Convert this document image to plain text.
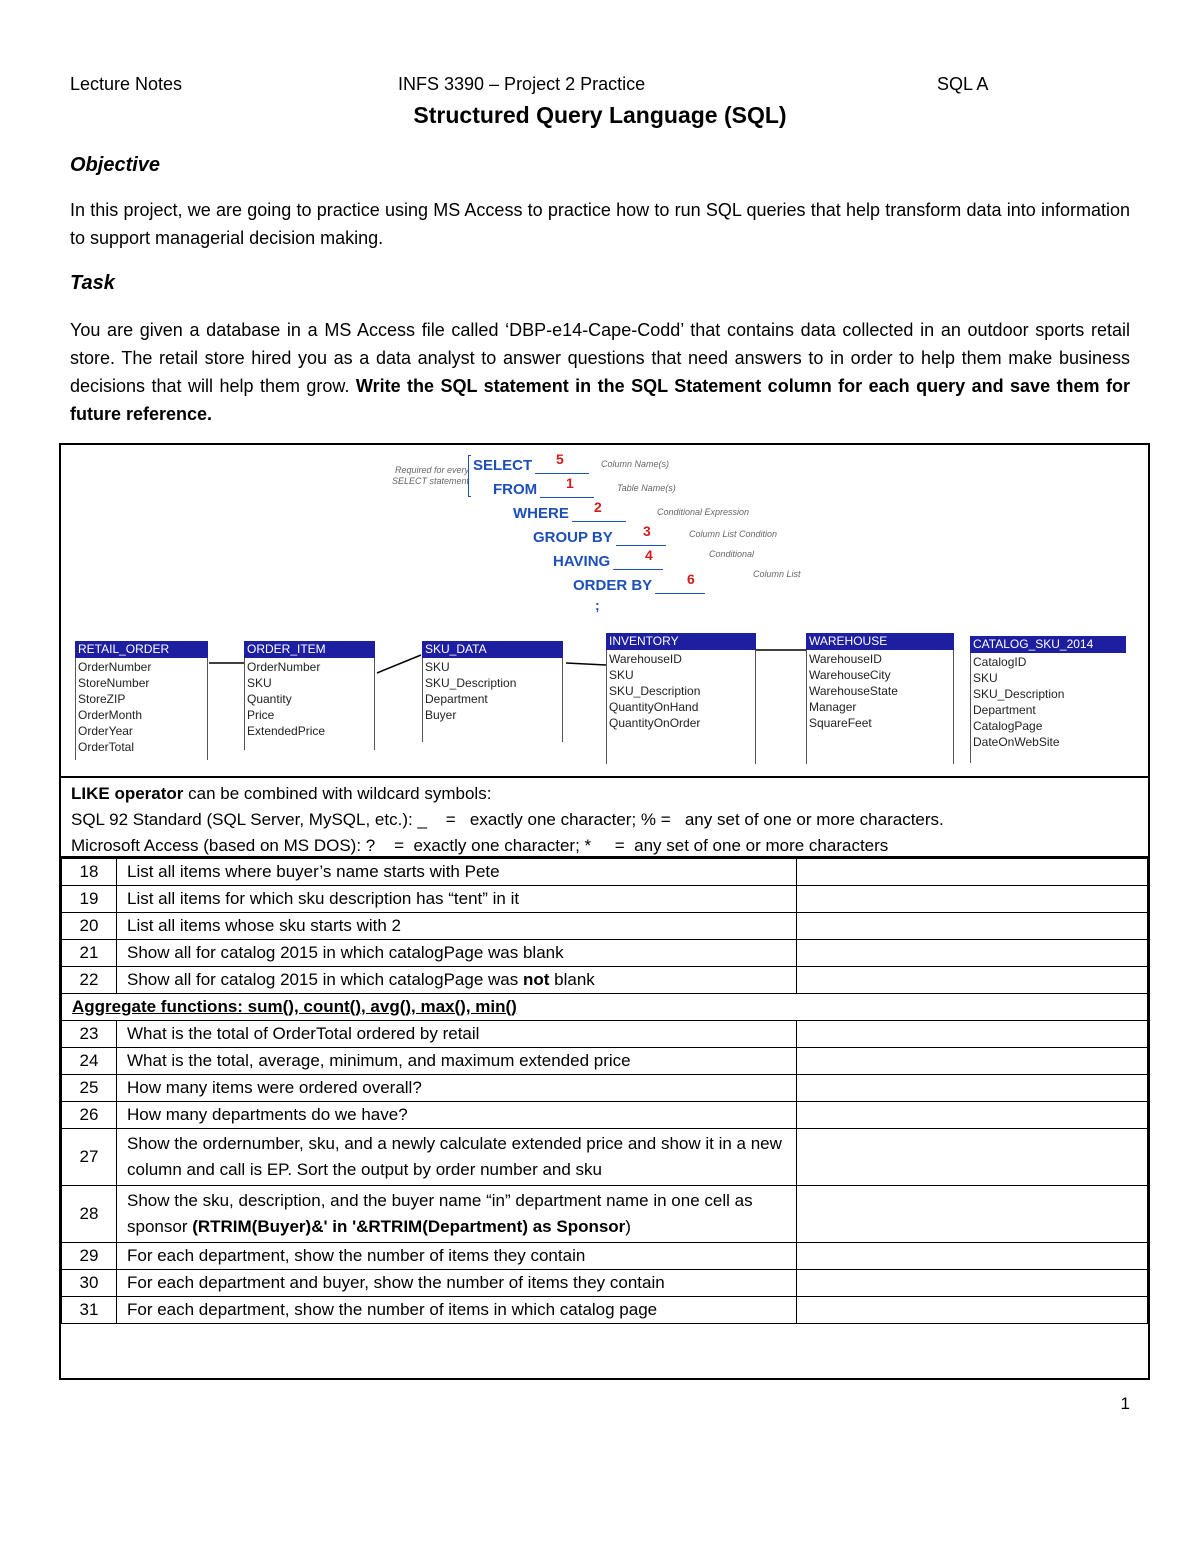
Lecture Notes	INFS 3390 – Project 2 Practice	SQL A
Structured Query Language (SQL)
Objective
In this project, we are going to practice using MS Access to practice how to run SQL queries that help transform data into information to support managerial decision making.
Task
You are given a database in a MS Access file called ‘DBP-e14-Cape-Codd’ that contains data collected in an outdoor sports retail store. The retail store hired you as a data analyst to answer questions that need answers to in order to help them make business decisions that will help them grow. Write the SQL statement in the SQL Statement column for each query and save them for future reference.
Required for every SELECT statement
SELECT	5	Column Name(s)
FROM	1	Table Name(s)
WHERE	2	Conditional Expression
GROUP BY	3	Column List Condition
HAVING	4	Conditional
ORDER BY	6	Column List
;
RETAIL_ORDER
OrderNumber
StoreNumber
StoreZIP
OrderMonth
OrderYear
OrderTotal
ORDER_ITEM
OrderNumber
SKU
Quantity
Price
ExtendedPrice
SKU_DATA
SKU
SKU_Description
Department
Buyer
INVENTORY
WarehouseID
SKU
SKU_Description
QuantityOnHand
QuantityOnOrder
WAREHOUSE
WarehouseID
WarehouseCity
WarehouseState
Manager
SquareFeet
CATALOG_SKU_2014
CatalogID
SKU
SKU_Description
Department
CatalogPage
DateOnWebSite
LIKE operator can be combined with wildcard symbols:
SQL 92 Standard (SQL Server, MySQL, etc.): _    =   exactly one character; % =   any set of one or more characters.
Microsoft Access (based on MS DOS): ?    =  exactly one character; *     =  any set of one or more characters
18	List all items where buyer’s name starts with Pete	
19	List all items for which sku description has “tent” in it	
20	List all items whose sku starts with 2	
21	Show all for catalog 2015 in which catalogPage was blank	
22	Show all for catalog 2015 in which catalogPage was not blank	
Aggregate functions: sum(), count(), avg(), max(), min()		
23	What is the total of OrderTotal ordered by retail	
24	What is the total, average, minimum, and maximum extended price	
25	How many items were ordered overall?	
26	How many departments do we have?	
27	Show the ordernumber, sku, and a newly calculate extended price and show it in a new column and call is EP. Sort the output by order number and sku	
28	Show the sku, description, and the buyer name “in” department name in one cell as sponsor (RTRIM(Buyer)&' in '&RTRIM(Department) as Sponsor)	
29	For each department, show the number of items they contain	
30	For each department and buyer, show the number of items they contain	
31	For each department, show the number of items in which catalog page	
1
